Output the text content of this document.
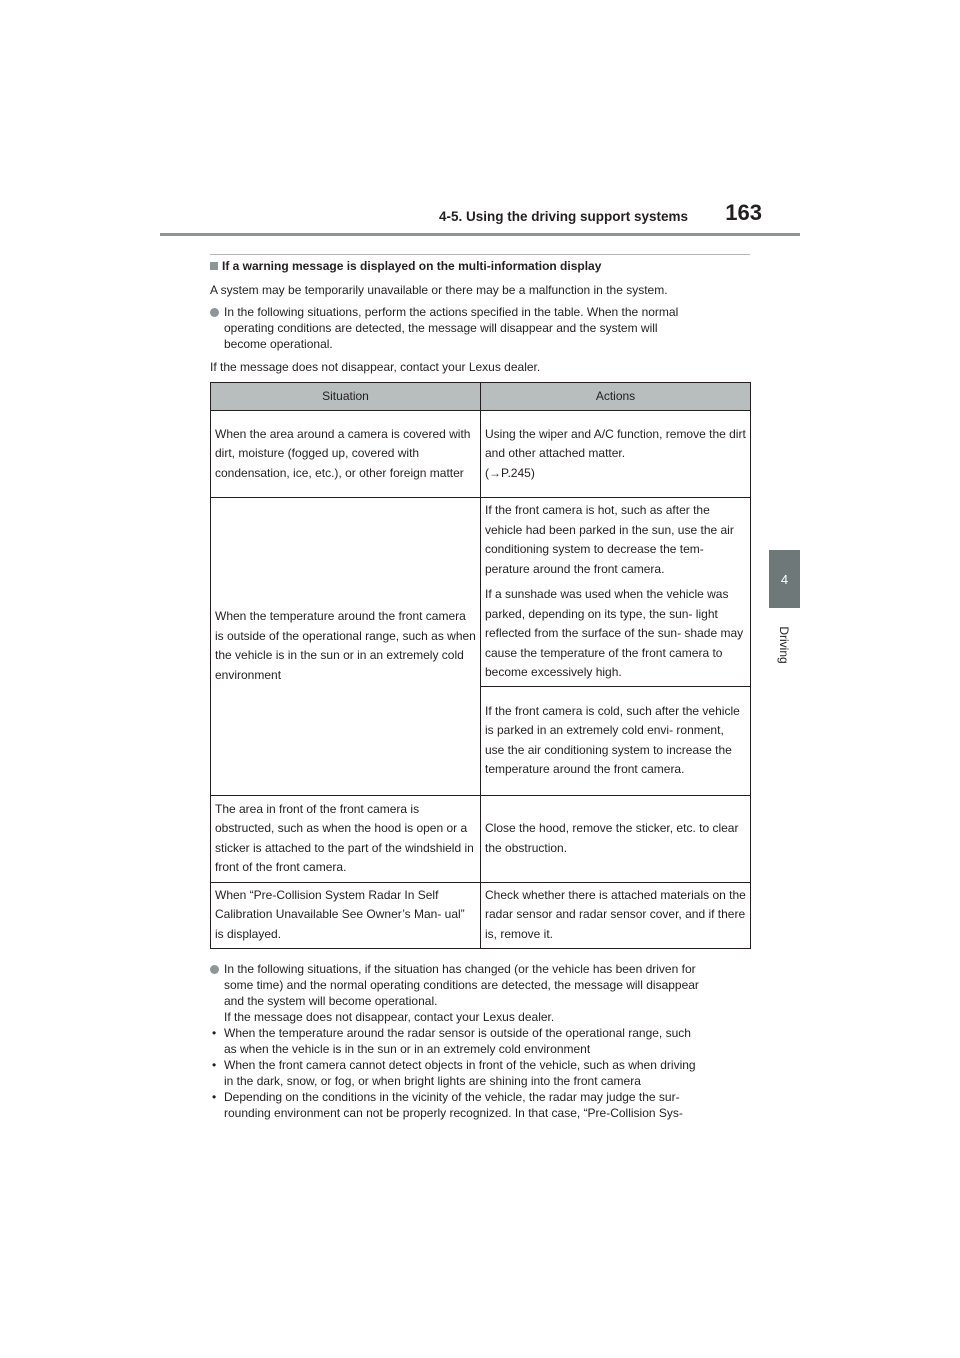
4-5. Using the driving support systems	163
4
Driving
If a warning message is displayed on the multi-information display
A system may be temporarily unavailable or there may be a malfunction in the system.
In the following situations, perform the actions specified in the table. When the normal
operating conditions are detected, the message will disappear and the system will
become operational.
If the message does not disappear, contact your Lexus dealer.
Situation	Actions
When the area around a camera is covered with dirt, moisture (fogged up, covered with condensation, ice, etc.), or other foreign matter	Using the wiper and A/C function, remove the dirt and other attached matter.
(→P.245)
When the temperature around the front camera is outside of the operational range, such as when the vehicle is in the sun or in an extremely cold environment	If the front camera is hot, such as after the vehicle had been parked in the sun, use the air conditioning system to decrease the tem- perature around the front camera.
If a sunshade was used when the vehicle was parked, depending on its type, the sun- light reflected from the surface of the sun- shade may cause the temperature of the front camera to become excessively high.

	If the front camera is cold, such after the vehicle is parked in an extremely cold envi- ronment, use the air conditioning system to increase the temperature around the front camera.
The area in front of the front camera is obstructed, such as when the hood is open or a sticker is attached to the part of the windshield in front of the front camera.	Close the hood, remove the sticker, etc. to clear the obstruction.
When “Pre-Collision System Radar In Self Calibration Unavailable See Owner’s Man- ual” is displayed.	Check whether there is attached materials on the radar sensor and radar sensor cover, and if there is, remove it.
In the following situations, if the situation has changed (or the vehicle has been driven for
some time) and the normal operating conditions are detected, the message will disappear
and the system will become operational.
If the message does not disappear, contact your Lexus dealer.
• When the temperature around the radar sensor is outside of the operational range, such
as when the vehicle is in the sun or in an extremely cold environment
• When the front camera cannot detect objects in front of the vehicle, such as when driving
in the dark, snow, or fog, or when bright lights are shining into the front camera
• Depending on the conditions in the vicinity of the vehicle, the radar may judge the sur-
rounding environment can not be properly recognized. In that case, “Pre-Collision Sys-
